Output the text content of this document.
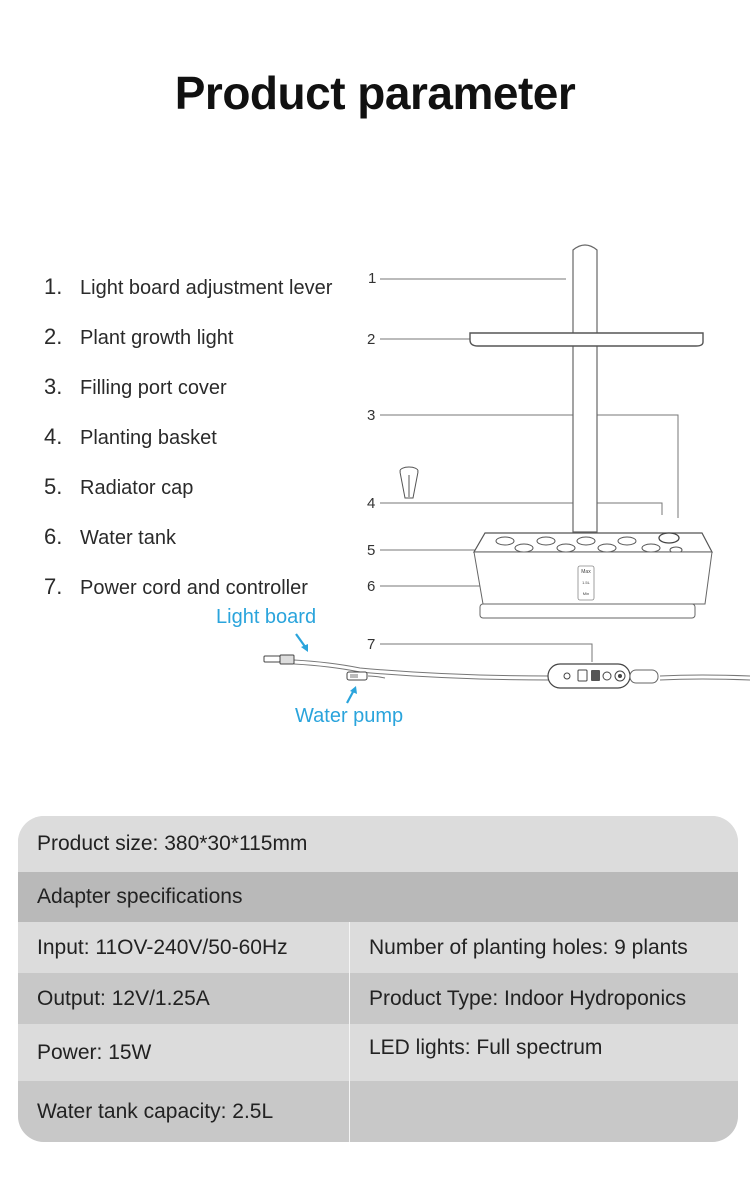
Product parameter
1. Light board adjustment lever
2. Plant growth light
3. Filling port cover
4. Planting basket
5. Radiator cap
6. Water tank
7. Power cord and controller
Max
1.5L
Min
1
2
3
4
5
6
7
Light board
Water pump
Product size: 380*30*115mm
Adapter specifications
Input: 11OV-240V/50-60Hz	Number of planting holes: 9 plants
Output: 12V/1.25A	Product Type: Indoor Hydroponics
Power: 15W	LED lights: Full spectrum
Water tank capacity: 2.5L
